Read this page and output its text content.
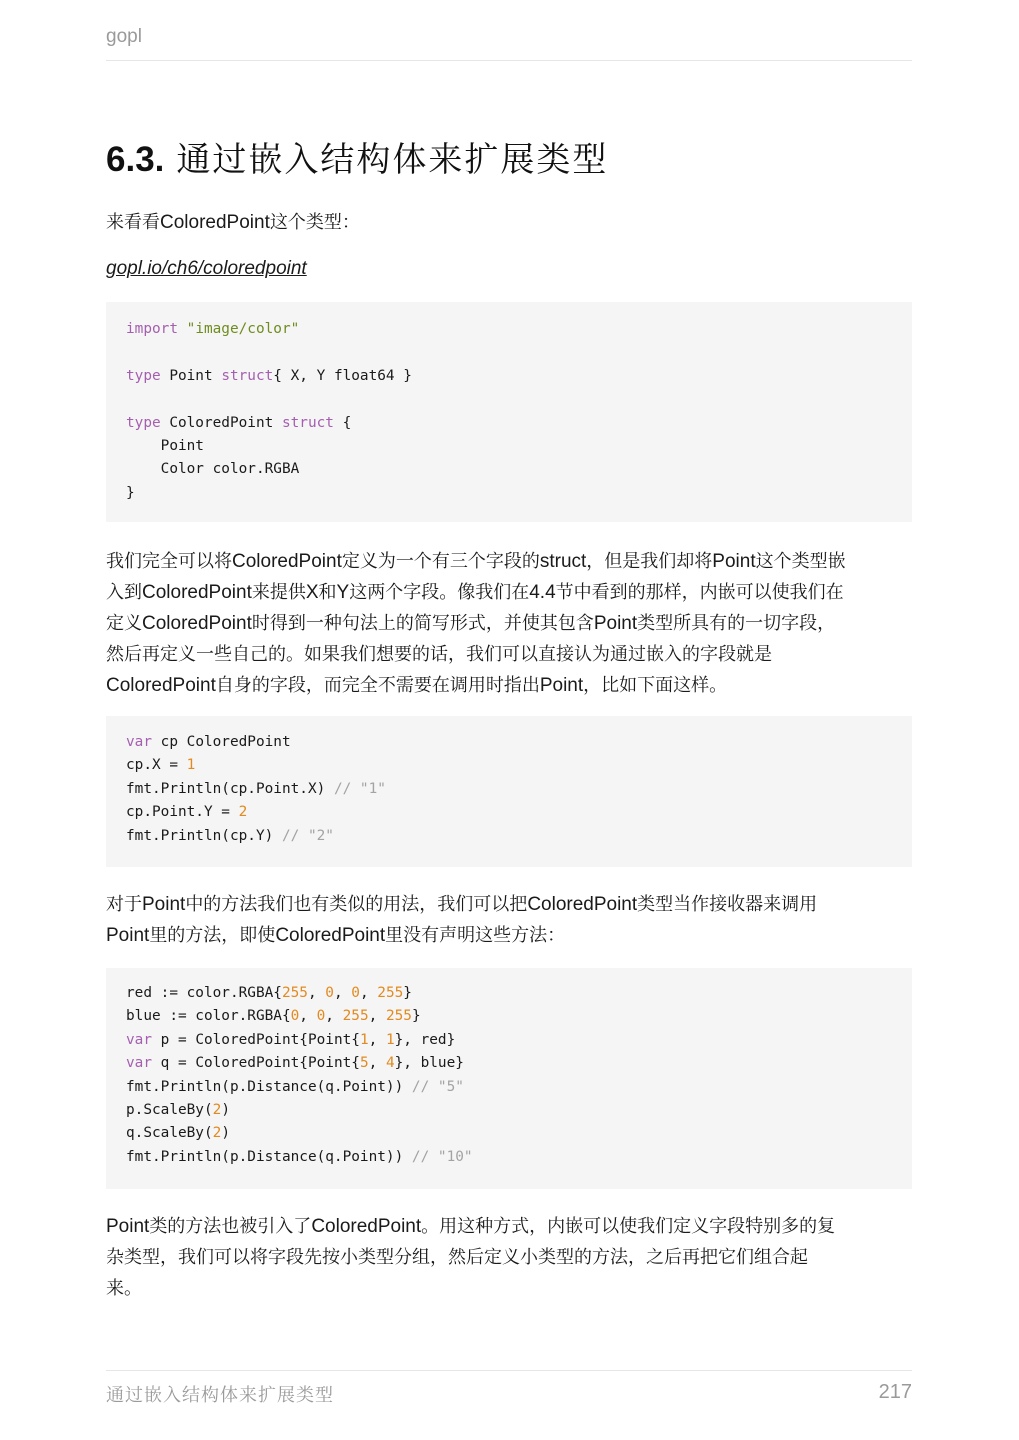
gopl
6.3. 通过嵌入结构体来扩展类型

来看看ColoredPoint这个类型：

gopl.io/ch6/coloredpoint
import "image/color"

type Point struct{ X, Y float64 }

type ColoredPoint struct {
Point
Color color.RGBA
}
我们完全可以将ColoredPoint定义为一个有三个字段的struct，但是我们却将Point这个类型嵌
入到ColoredPoint来提供X和Y这两个字段。像我们在4.4节中看到的那样，内嵌可以使我们在
定义ColoredPoint时得到一种句法上的简写形式，并使其包含Point类型所具有的一切字段，
然后再定义一些自己的。如果我们想要的话，我们可以直接认为通过嵌入的字段就是
ColoredPoint自身的字段，而完全不需要在调用时指出Point，比如下面这样。
var cp ColoredPoint
cp.X = 1
fmt.Println(cp.Point.X) // "1"
cp.Point.Y = 2
fmt.Println(cp.Y) // "2"
对于Point中的方法我们也有类似的用法，我们可以把ColoredPoint类型当作接收器来调用
Point里的方法，即使ColoredPoint里没有声明这些方法：
red := color.RGBA{255, 0, 0, 255}
blue := color.RGBA{0, 0, 255, 255}
var p = ColoredPoint{Point{1, 1}, red}
var q = ColoredPoint{Point{5, 4}, blue}
fmt.Println(p.Distance(q.Point)) // "5"
p.ScaleBy(2)
q.ScaleBy(2)
fmt.Println(p.Distance(q.Point)) // "10"
Point类的方法也被引入了ColoredPoint。用这种方式，内嵌可以使我们定义字段特别多的复
杂类型，我们可以将字段先按小类型分组，然后定义小类型的方法，之后再把它们组合起
来。
通过嵌入结构体来扩展类型	217
